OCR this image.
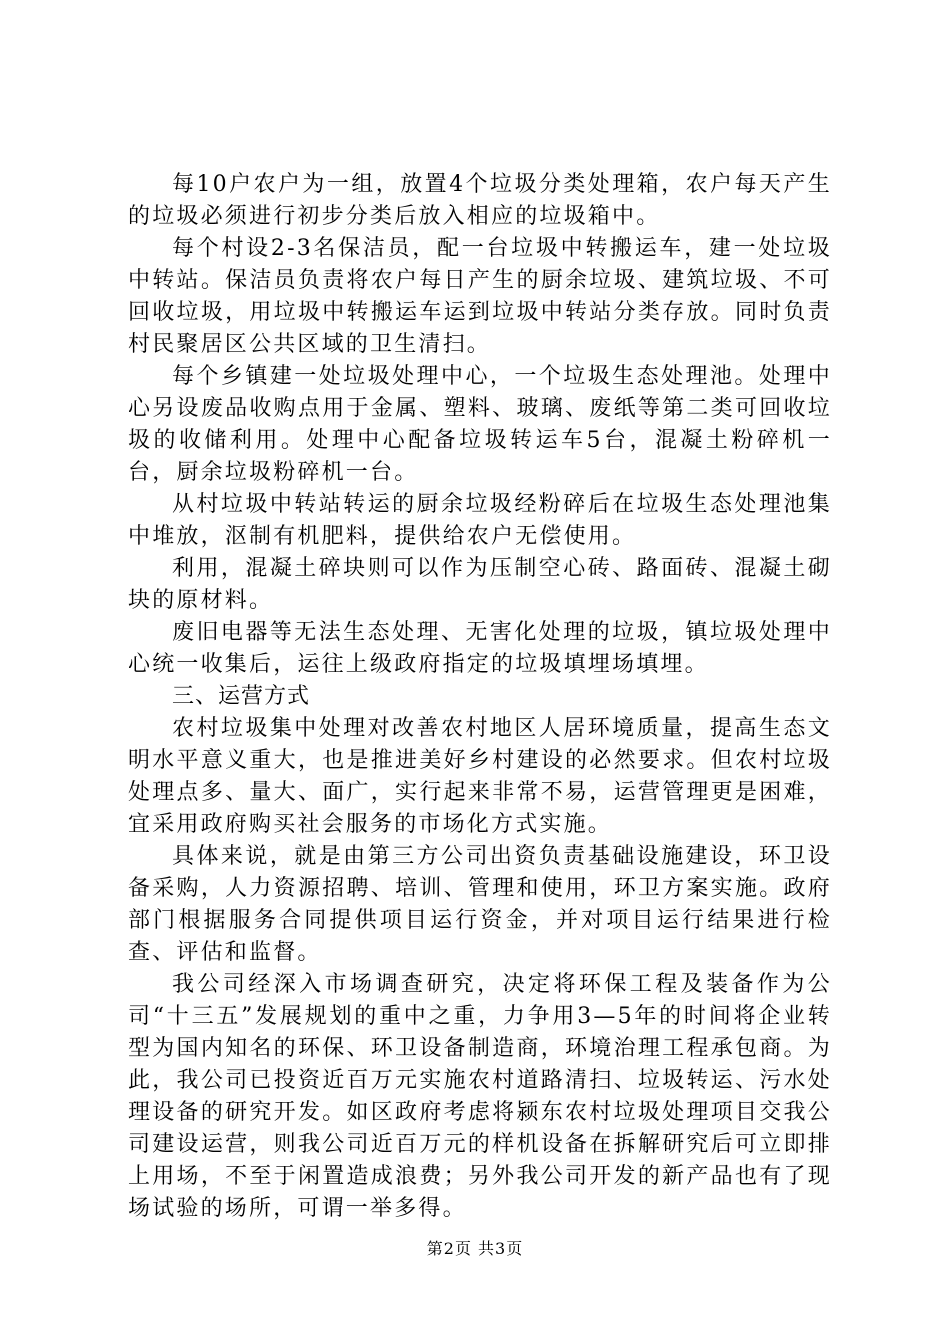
每10户农户为一组，放置4个垃圾分类处理箱，农户每天产生的垃圾必须进行初步分类后放入相应的垃圾箱中。

每个村设2-3名保洁员，配一台垃圾中转搬运车，建一处垃圾中转站。保洁员负责将农户每日产生的厨余垃圾、建筑垃圾、不可回收垃圾，用垃圾中转搬运车运到垃圾中转站分类存放。同时负责村民聚居区公共区域的卫生清扫。

每个乡镇建一处垃圾处理中心，一个垃圾生态处理池。处理中心另设废品收购点用于金属、塑料、玻璃、废纸等第二类可回收垃圾的收储利用。处理中心配备垃圾转运车5台，混凝土粉碎机一台，厨余垃圾粉碎机一台。

从村垃圾中转站转运的厨余垃圾经粉碎后在垃圾生态处理池集中堆放，沤制有机肥料，提供给农户无偿使用。

利用，混凝土碎块则可以作为压制空心砖、路面砖、混凝土砌块的原材料。

废旧电器等无法生态处理、无害化处理的垃圾，镇垃圾处理中心统一收集后，运往上级政府指定的垃圾填埋场填埋。

三、运营方式

农村垃圾集中处理对改善农村地区人居环境质量，提高生态文明水平意义重大，也是推进美好乡村建设的必然要求。但农村垃圾处理点多、量大、面广，实行起来非常不易，运营管理更是困难，宜采用政府购买社会服务的市场化方式实施。

具体来说，就是由第三方公司出资负责基础设施建设，环卫设备采购，人力资源招聘、培训、管理和使用，环卫方案实施。政府部门根据服务合同提供项目运行资金，并对项目运行结果进行检查、评估和监督。

我公司经深入市场调查研究，决定将环保工程及装备作为公司“十三五”发展规划的重中之重，力争用3—5年的时间将企业转型为国内知名的环保、环卫设备制造商，环境治理工程承包商。为此，我公司已投资近百万元实施农村道路清扫、垃圾转运、污水处理设备的研究开发。如区政府考虑将颍东农村垃圾处理项目交我公司建设运营，则我公司近百万元的样机设备在拆解研究后可立即排上用场，不至于闲置造成浪费；另外我公司开发的新产品也有了现场试验的场所，可谓一举多得。

第2页 共3页
